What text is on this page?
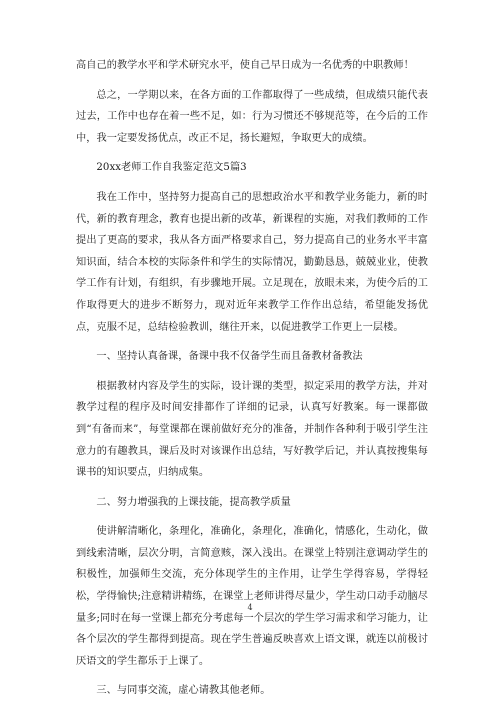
高自己的教学水平和学术研究水平，使自己早日成为一名优秀的中职教师！

总之，一学期以来，在各方面的工作都取得了一些成绩，但成绩只能代表过去，工作中也存在着一些不足，如：行为习惯还不够规范等，在今后的工作中，我一定要发扬优点，改正不足，扬长避短，争取更大的成绩。

20xx老师工作自我鉴定范文5篇3

我在工作中，坚持努力提高自己的思想政治水平和教学业务能力，新的时代，新的教育理念，教育也提出新的改革，新课程的实施，对我们教师的工作提出了更高的要求，我从各方面严格要求自己，努力提高自己的业务水平丰富知识面，结合本校的实际条件和学生的实际情况，勤勤恳恳，兢兢业业，使教学工作有计划，有组织，有步骤地开展。立足现在，放眼未来，为使今后的工作取得更大的进步不断努力，现对近年来教学工作作出总结，希望能发扬优点，克服不足，总结检验教训，继往开来，以促进教学工作更上一层楼。

一、坚持认真备课，备课中我不仅备学生而且备教材备教法

根据教材内容及学生的实际，设计课的类型，拟定采用的教学方法，并对教学过程的程序及时间安排都作了详细的记录，认真写好教案。每一课都做到“有备而来”，每堂课都在课前做好充分的准备，并制作各种利于吸引学生注意力的有趣教具，课后及时对该课作出总结，写好教学后记，并认真按搜集每课书的知识要点，归纳成集。

二、努力增强我的上课技能，提高教学质量

使讲解清晰化，条理化，准确化，条理化，准确化，情感化，生动化，做到线索清晰，层次分明，言简意赅，深入浅出。在课堂上特别注意调动学生的积极性，加强师生交流，充分体现学生的主作用，让学生学得容易，学得轻松，学得愉快;注意精讲精练，在课堂上老师讲得尽量少，学生动口动手动脑尽量多;同时在每一堂课上都充分考虑每一个层次的学生学习需求和学习能力，让各个层次的学生都得到提高。现在学生普遍反映喜欢上语文课，就连以前极讨厌语文的学生都乐于上课了。

三、与同事交流，虚心请教其他老师。

4
